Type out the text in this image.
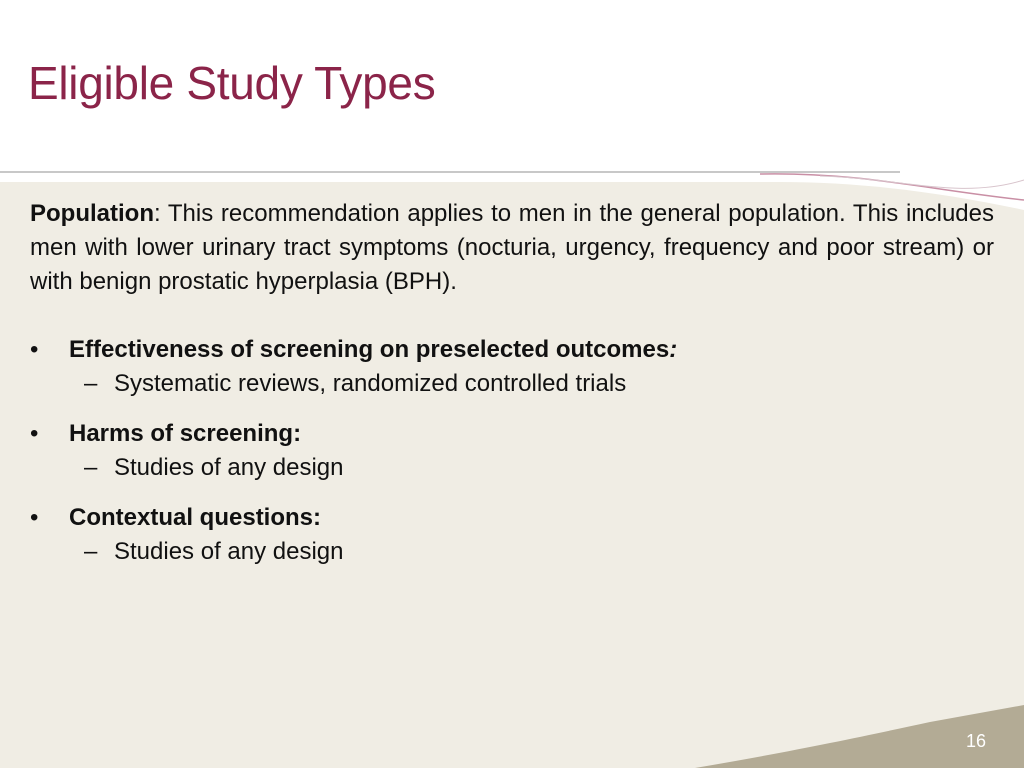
Eligible Study Types
Population: This recommendation applies to men in the general population. This includes men with lower urinary tract symptoms (nocturia, urgency, frequency and poor stream) or with benign prostatic hyperplasia (BPH).
•	Effectiveness of screening on preselected outcomes:
– Systematic reviews, randomized controlled trials
•	Harms of screening:
– Studies of any design
•	Contextual questions:
– Studies of any design
16
